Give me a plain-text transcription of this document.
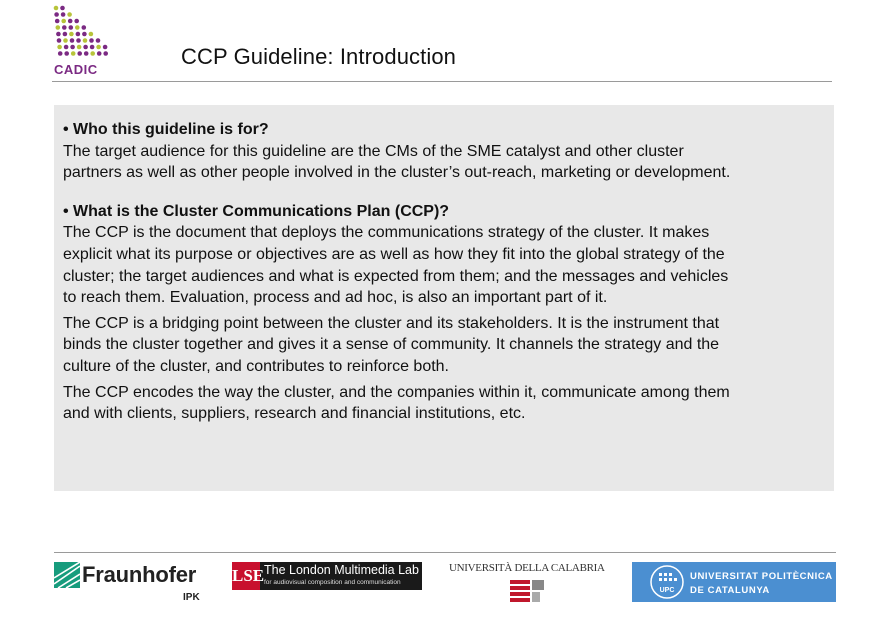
CCP Guideline: Introduction
• Who this guideline is for?
The target audience for this guideline are the CMs of the SME catalyst and other cluster
partners as well as other people involved in the cluster’s out-reach, marketing or development.
• What is the Cluster Communications Plan (CCP)?
The CCP is the document that deploys the communications strategy of the cluster. It makes
explicit what its purpose or objectives are as well as how they fit into the global strategy of the
cluster; the target audiences and what is expected from them; and the messages and vehicles
to reach them. Evaluation, process and ad hoc, is also an important part of it.
The CCP is a bridging point between the cluster and its stakeholders. It is the instrument that
binds the cluster together and gives it a sense of community. It channels the strategy and the
culture of the cluster, and contributes to reinforce both.
The CCP encodes the way the cluster, and the companies within it, communicate among them
and with clients, suppliers, research and financial institutions, etc.
Fraunhofer
IPK
LSE The London Multimedia Lab
for audiovisual composition and communication
UNIVERSITÀ DELLA CALABRIA
UPC
UNIVERSITAT POLITÈCNICA
DE CATALUNYA
CADIC
